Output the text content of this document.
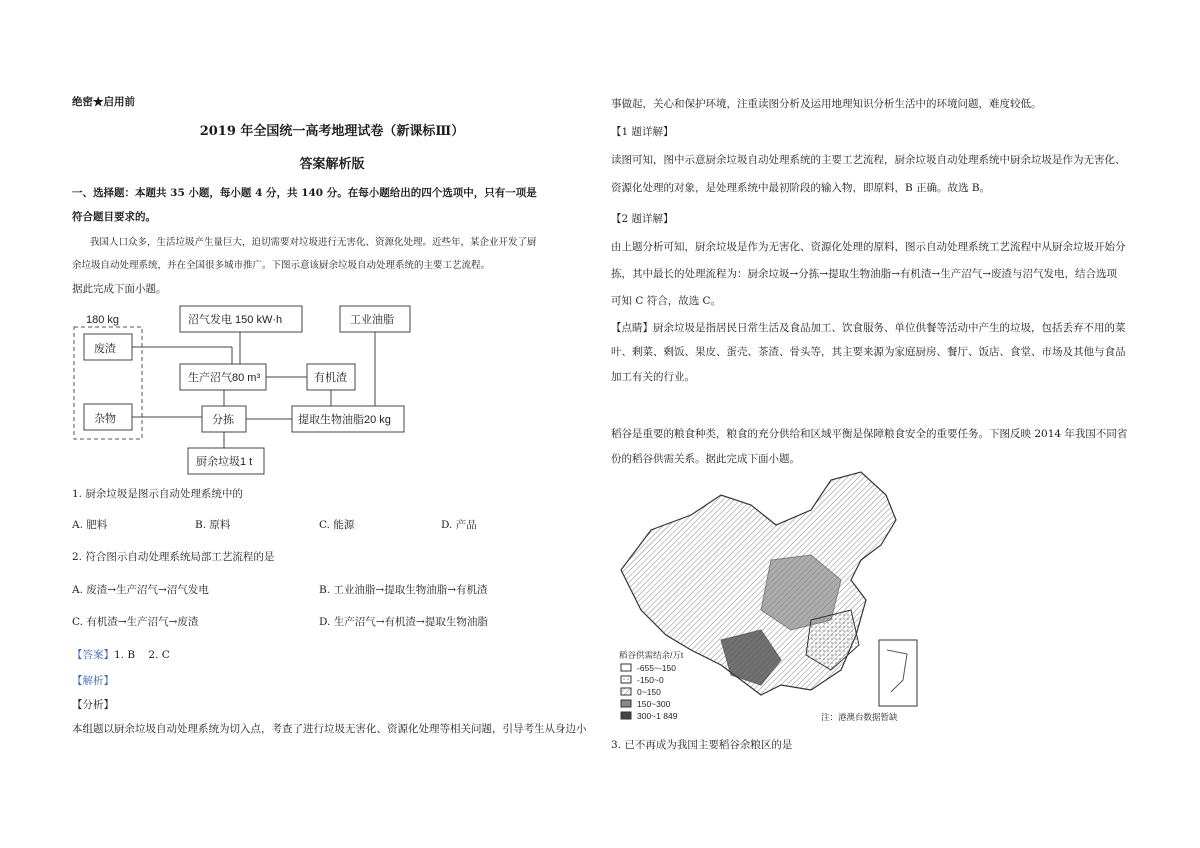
绝密★启用前
2019 年全国统一高考地理试卷（新课标Ⅲ）
答案解析版
一、选择题：本题共 35 小题，每小题 4 分，共 140 分。在每小题给出的四个选项中，只有一项是
符合题目要求的。
我国人口众多，生活垃圾产生量巨大，迫切需要对垃圾进行无害化、资源化处理。近些年，某企业开发了厨
余垃圾自动处理系统，并在全国很多城市推广。下图示意该厨余垃圾自动处理系统的主要工艺流程。
据此完成下面小题。
180 kg
废渣
杂物
沼气发电 150 kW·h
生产沼气80 m³	有机渣
工业油脂
分拣	提取生物油脂20 kg
厨余垃圾1 t
1. 厨余垃圾是图示自动处理系统中的
A. 肥料	B. 原料	C. 能源	D. 产品
2. 符合图示自动处理系统局部工艺流程的是
A. 废渣→生产沼气→沼气发电	B. 工业油脂→提取生物油脂→有机渣
C. 有机渣→生产沼气→废渣	D. 生产沼气→有机渣→提取生物油脂
【答案】1. B    2. C
【解析】
【分析】
本组题以厨余垃圾自动处理系统为切入点，考查了进行垃圾无害化、资源化处理等相关问题，引导考生从身边小
事做起，关心和保护环境，注重读图分析及运用地理知识分析生活中的环境问题，难度较低。
【1 题详解】
读图可知，图中示意厨余垃圾自动处理系统的主要工艺流程，厨余垃圾自动处理系统中厨余垃圾是作为无害化、
资源化处理的对象，是处理系统中最初阶段的输入物，即原料，B 正确。故选 B。
【2 题详解】
由上题分析可知，厨余垃圾是作为无害化、资源化处理的原料，图示自动处理系统工艺流程中从厨余垃圾开始分
拣，其中最长的处理流程为：厨余垃圾→分拣→提取生物油脂→有机渣→生产沼气→废渣与沼气发电，结合选项
可知 C 符合，故选 C。
【点睛】厨余垃圾是指居民日常生活及食品加工、饮食服务、单位供餐等活动中产生的垃圾，包括丢弃不用的菜
叶、剩菜、剩饭、果皮、蛋壳、茶渣、骨头等，其主要来源为家庭厨房、餐厅、饭店、食堂、市场及其他与食品
加工有关的行业。
稻谷是重要的粮食种类，粮食的充分供给和区域平衡是保障粮食安全的重要任务。下图反映 2014 年我国不同省
份的稻谷供需关系。据此完成下面小题。
稻谷供需结余/万t
-655~-150
-150~0
0~150
150~300
300~1 849	注：港澳台数据暂缺
3. 已不再成为我国主要稻谷余粮区的是
